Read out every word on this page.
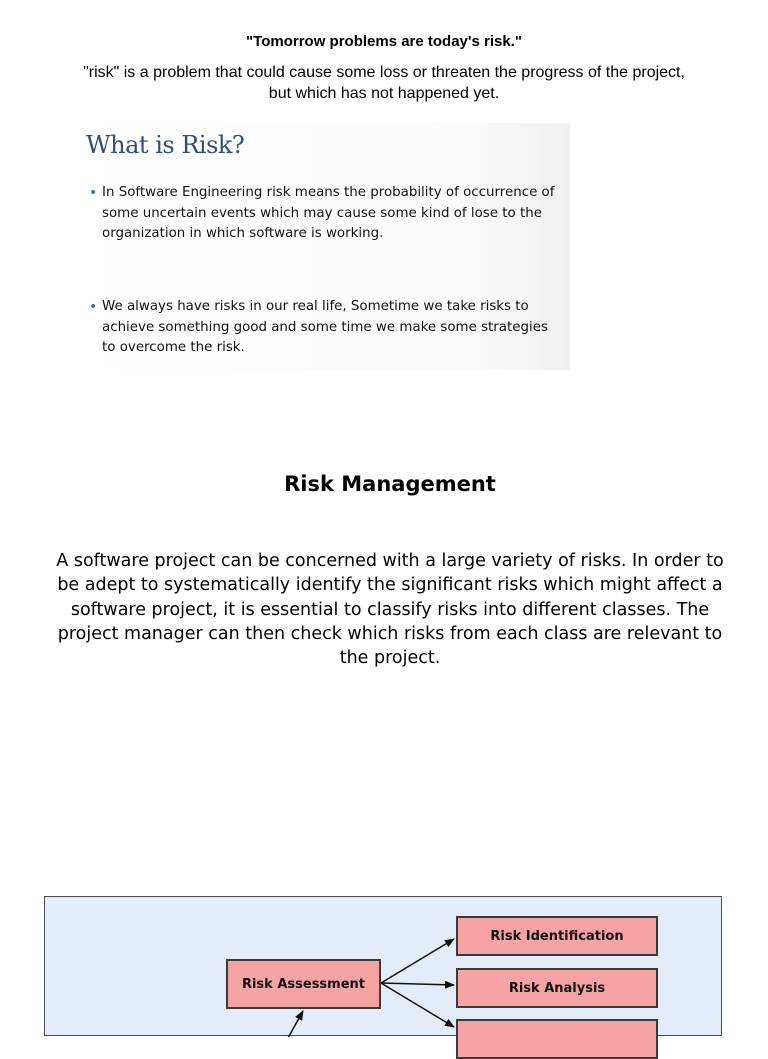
"Tomorrow problems are today's risk."
"risk" is a problem that could cause some loss or threaten the progress of the project, but which has not happened yet.
What is Risk?
• In Software Engineering risk means the probability of occurrence of some uncertain events which may cause some kind of lose to the organization in which software is working.
• We always have risks in our real life, Sometime we take risks to achieve something good and some time we make some strategies to overcome the risk.
Risk Management
A software project can be concerned with a large variety of risks. In order to be adept to systematically identify the significant risks which might affect a software project, it is essential to classify risks into different classes. The project manager can then check which risks from each class are relevant to the project.
Risk Assessment
Risk Identification
Risk Analysis
